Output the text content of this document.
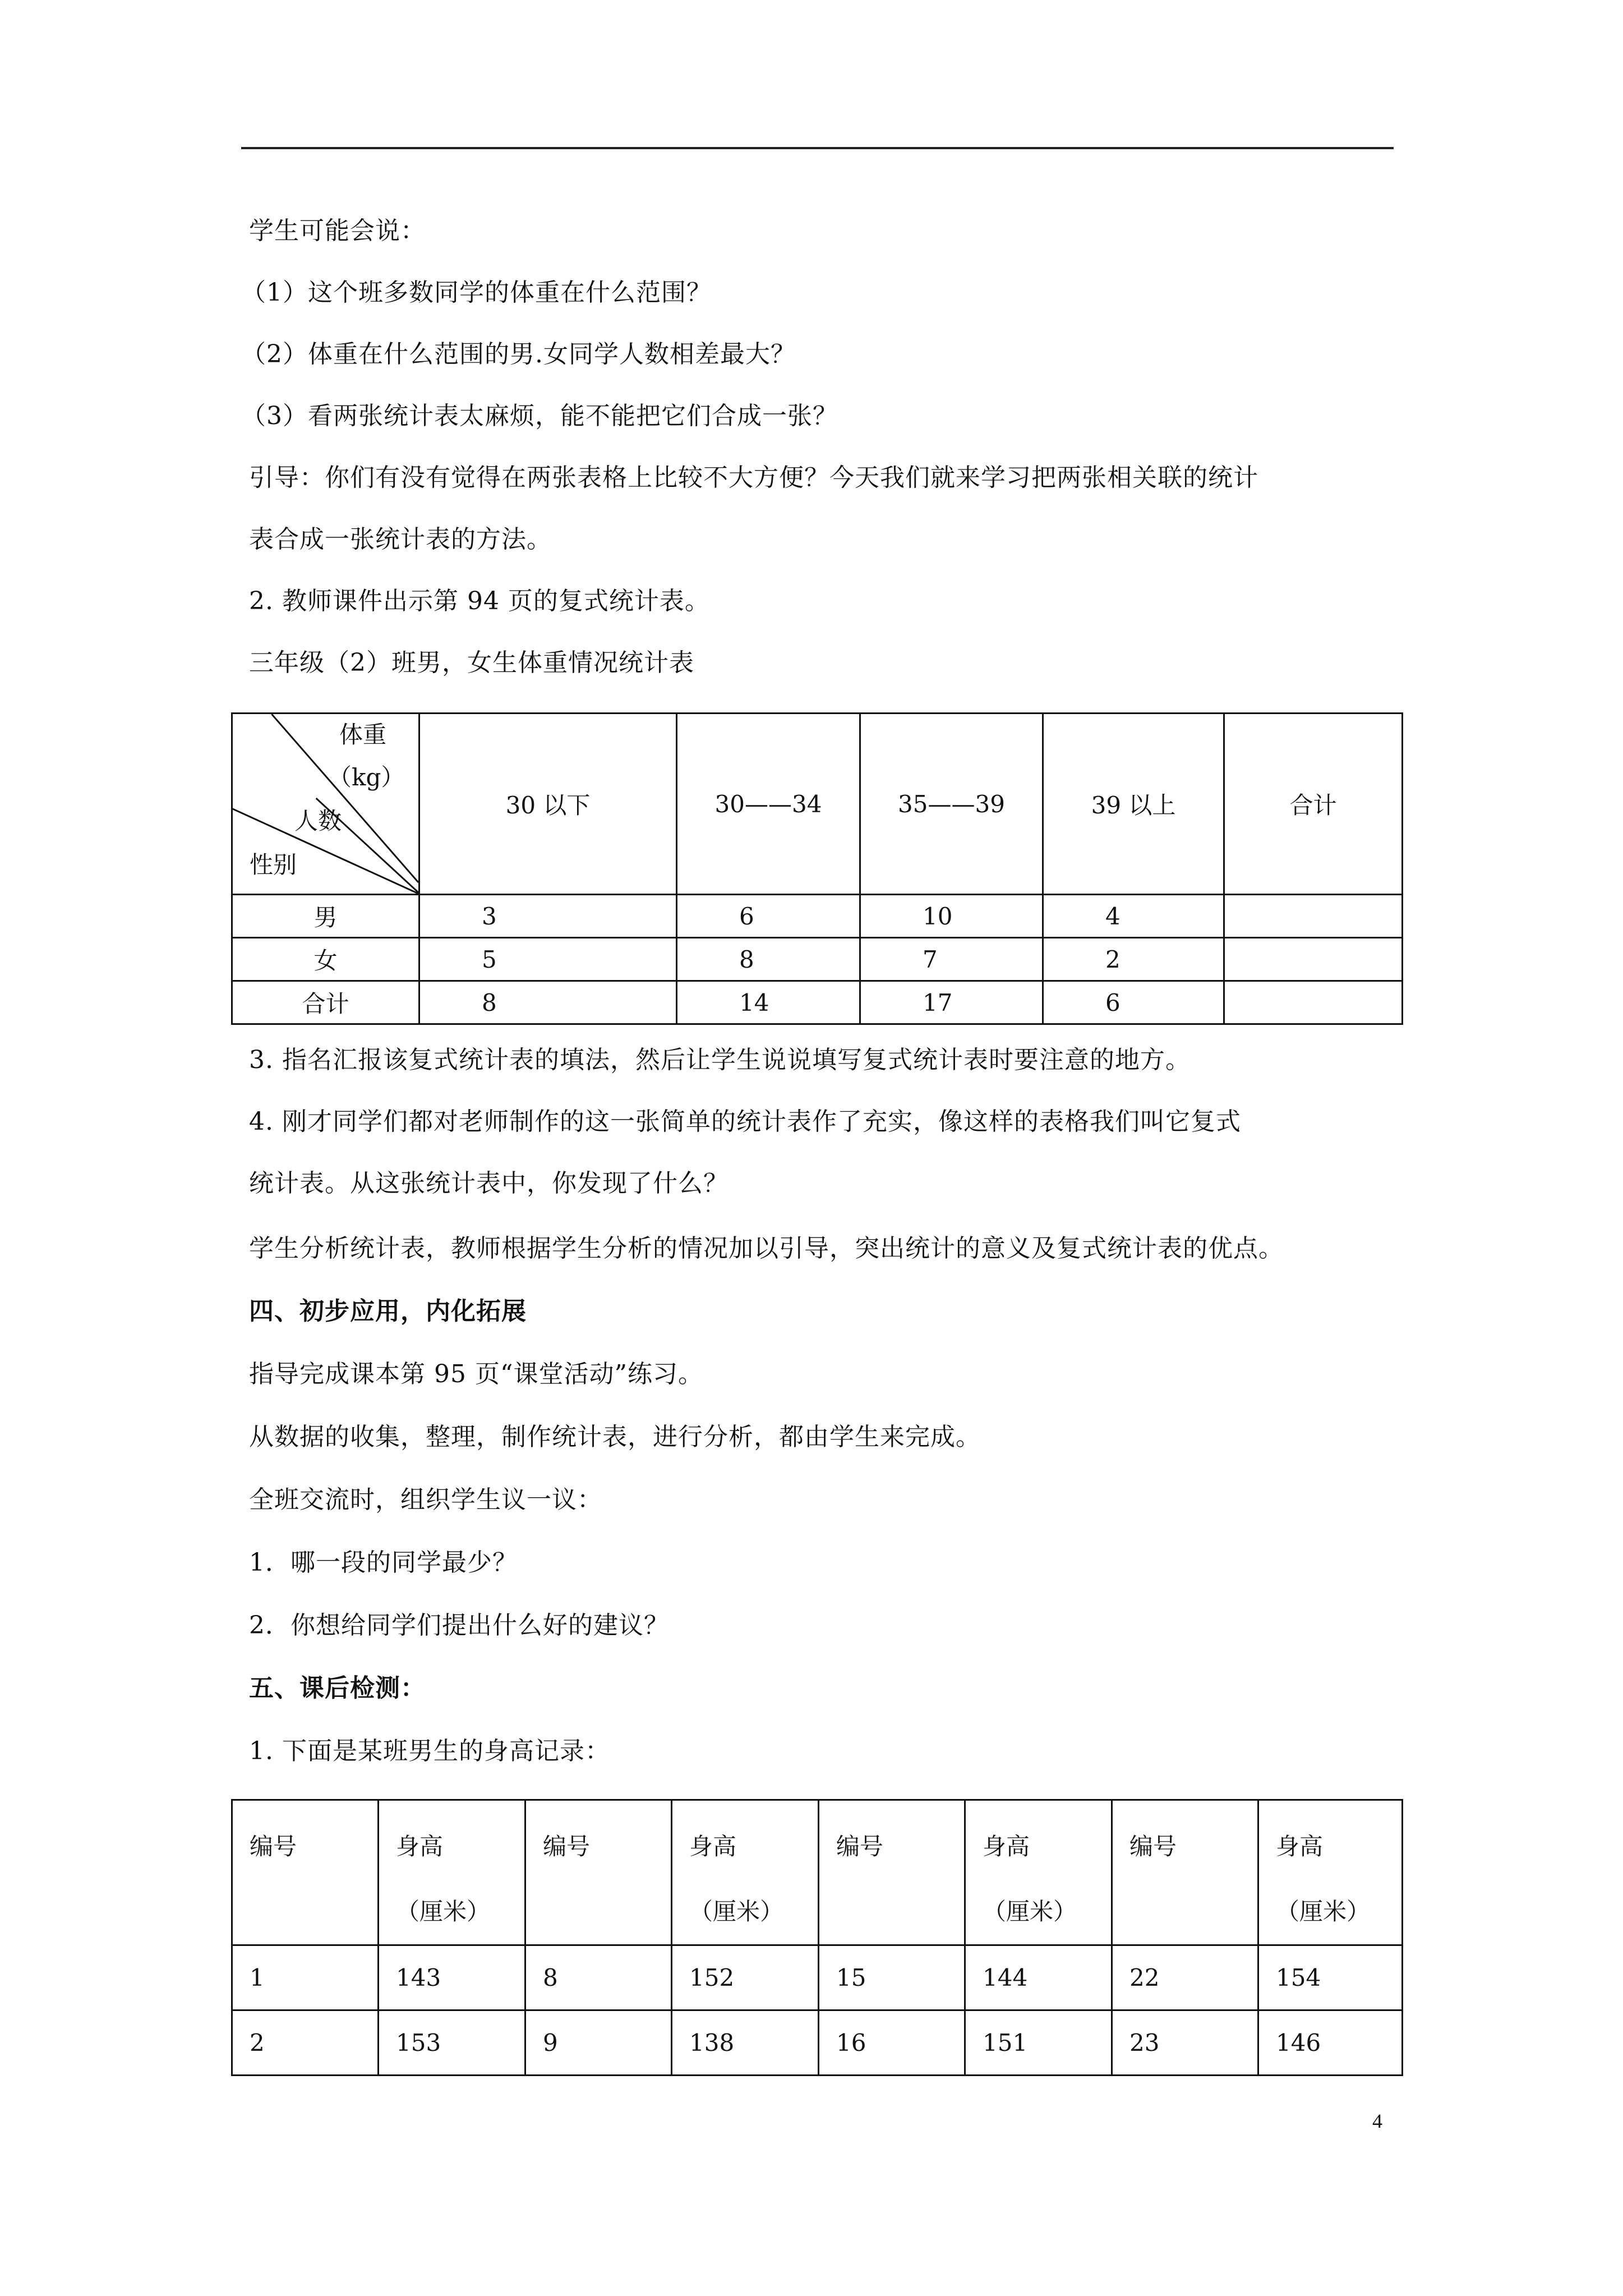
学生可能会说：
（1）这个班多数同学的体重在什么范围？
（2）体重在什么范围的男.女同学人数相差最大？
（3）看两张统计表太麻烦，能不能把它们合成一张？
引导：你们有没有觉得在两张表格上比较不大方便？今天我们就来学习把两张相关联的统计
表合成一张统计表的方法。
2. 教师课件出示第 94 页的复式统计表。
三年级（2）班男，女生体重情况统计表
体重
（kg）
人数
性别	30 以下	30——34	35——39	39 以上	合计
男	3	6	10	4	
女	5	8	7	2	
合计	8	14	17	6	
3. 指名汇报该复式统计表的填法，然后让学生说说填写复式统计表时要注意的地方。
4. 刚才同学们都对老师制作的这一张简单的统计表作了充实，像这样的表格我们叫它复式
统计表。从这张统计表中，你发现了什么？
学生分析统计表，教师根据学生分析的情况加以引导，突出统计的意义及复式统计表的优点。
四、初步应用，内化拓展
指导完成课本第 95 页“课堂活动”练习。
从数据的收集，整理，制作统计表，进行分析，都由学生来完成。
全班交流时，组织学生议一议：
1．哪一段的同学最少？
2．你想给同学们提出什么好的建议？
五、课后检测：
1. 下面是某班男生的身高记录：
编号	身高
（厘米）	编号	身高
（厘米）	编号	身高
（厘米）	编号	身高
（厘米）
1	143	8	152	15	144	22	154
2	153	9	138	16	151	23	146
4
